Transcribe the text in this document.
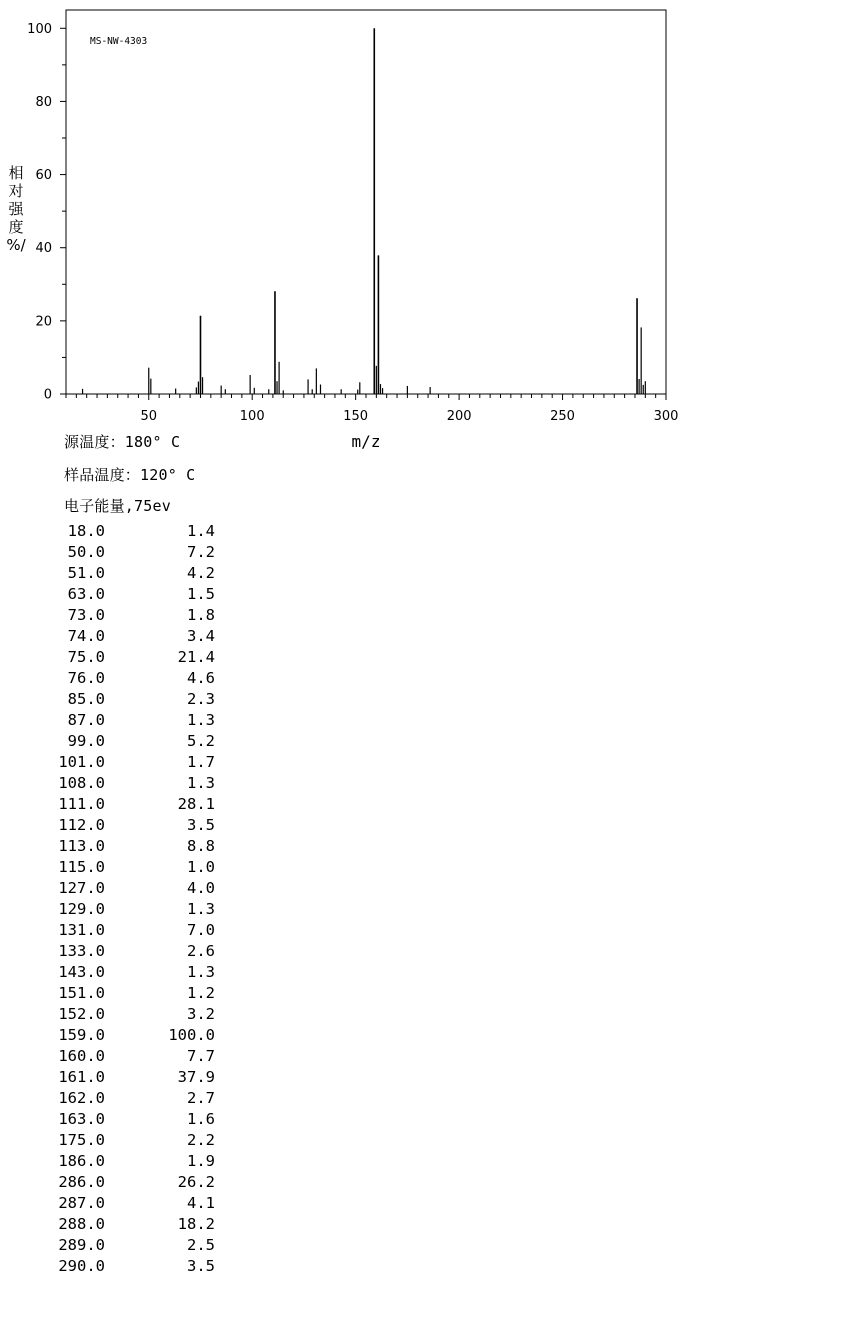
50	100	150	200	250	300
0
20
40
60
80
100
MS-NW-4303
m/z
相对强度%/
源温度：180° C
样品温度：120° C
电子能量,75ev
18.0	1.4
50.0	7.2
51.0	4.2
63.0	1.5
73.0	1.8
74.0	3.4
75.0	21.4
76.0	4.6
85.0	2.3
87.0	1.3
99.0	5.2
101.0	1.7
108.0	1.3
111.0	28.1
112.0	3.5
113.0	8.8
115.0	1.0
127.0	4.0
129.0	1.3
131.0	7.0
133.0	2.6
143.0	1.3
151.0	1.2
152.0	3.2
159.0	100.0
160.0	7.7
161.0	37.9
162.0	2.7
163.0	1.6
175.0	2.2
186.0	1.9
286.0	26.2
287.0	4.1
288.0	18.2
289.0	2.5
290.0	3.5
